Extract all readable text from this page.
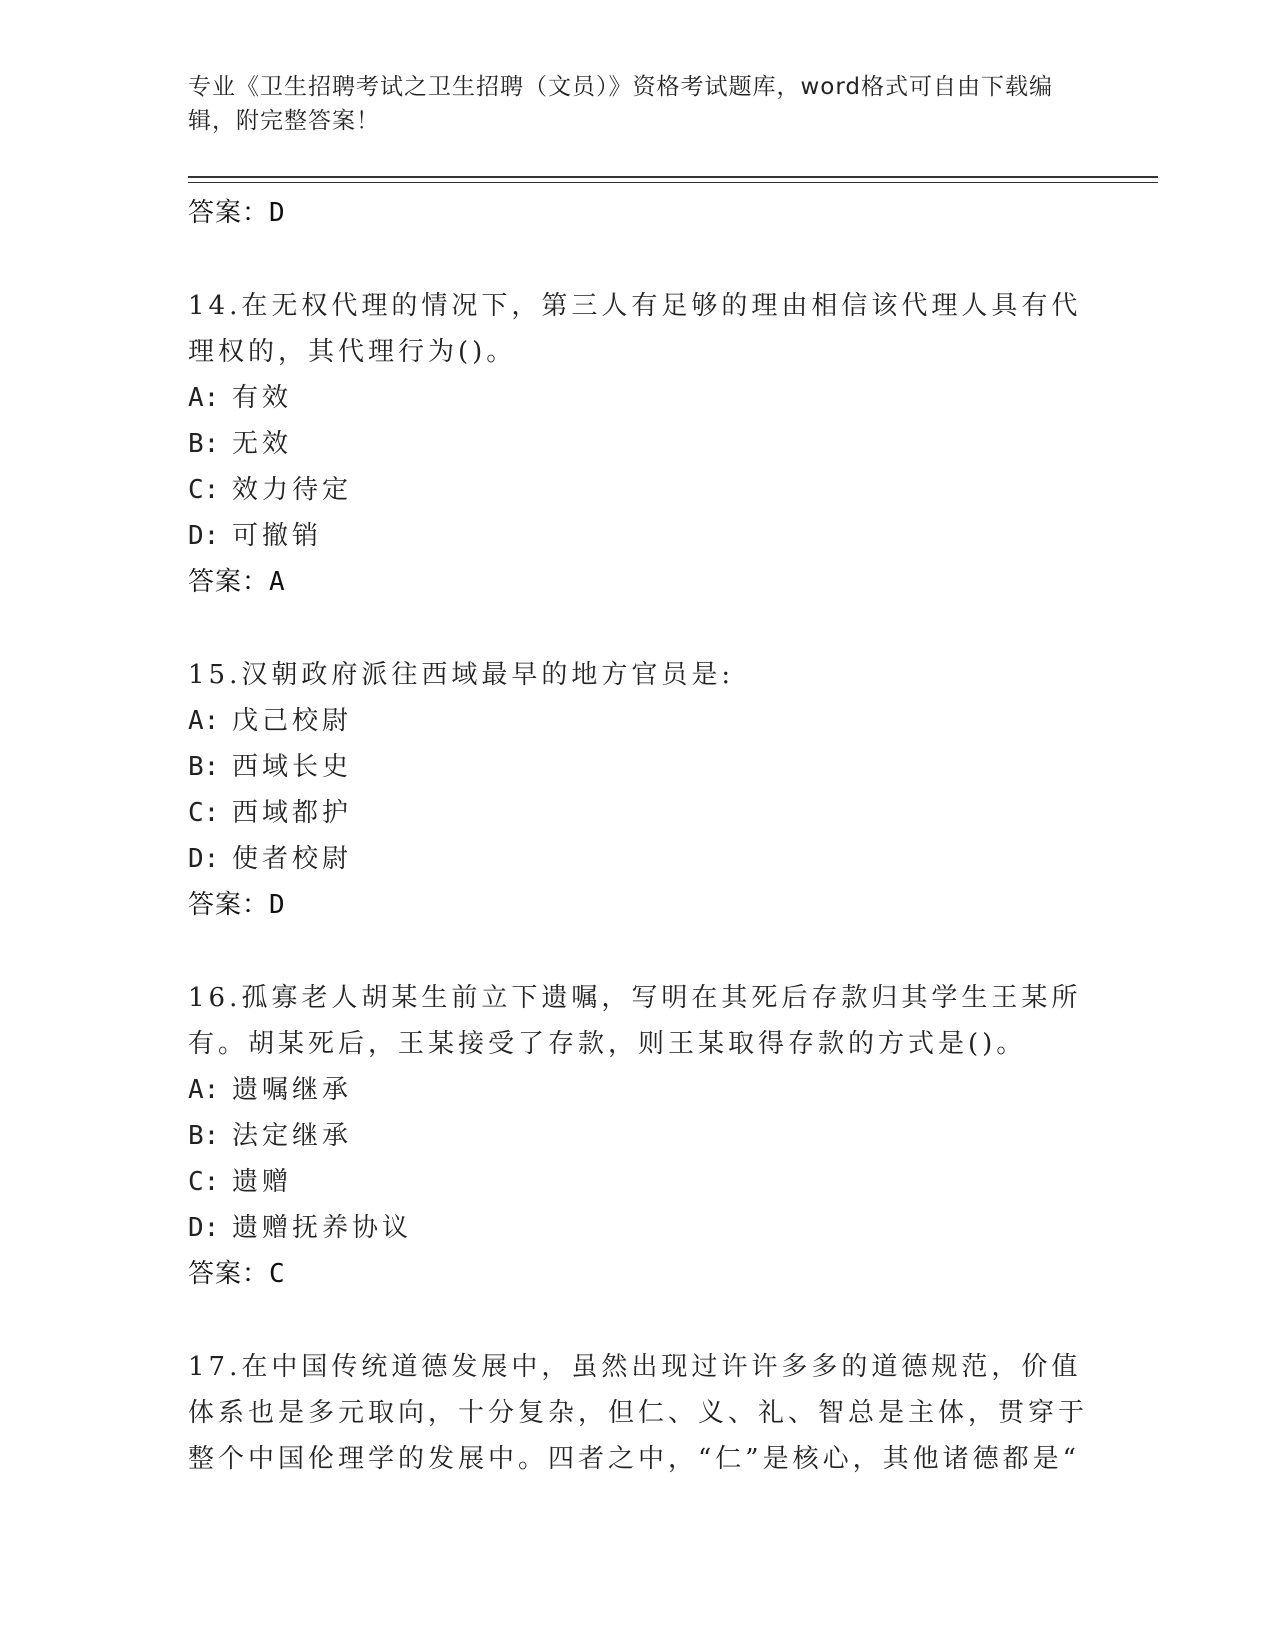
专业《卫生招聘考试之卫生招聘（文员）》资格考试题库，word格式可自由下载编辑，附完整答案！
答案：D
14.在无权代理的情况下，第三人有足够的理由相信该代理人具有代理权的，其代理行为()。
A: 有效
B: 无效
C: 效力待定
D: 可撤销
答案：A
15.汉朝政府派往西域最早的地方官员是:
A: 戊己校尉
B: 西域长史
C: 西域都护
D: 使者校尉
答案：D
16.孤寡老人胡某生前立下遗嘱，写明在其死后存款归其学生王某所有。胡某死后，王某接受了存款，则王某取得存款的方式是()。
A: 遗嘱继承
B: 法定继承
C: 遗赠
D: 遗赠抚养协议
答案：C
17.在中国传统道德发展中，虽然出现过许许多多的道德规范，价值体系也是多元取向，十分复杂，但仁、义、礼、智总是主体，贯穿于整个中国伦理学的发展中。四者之中，“仁”是核心，其他诸德都是“
